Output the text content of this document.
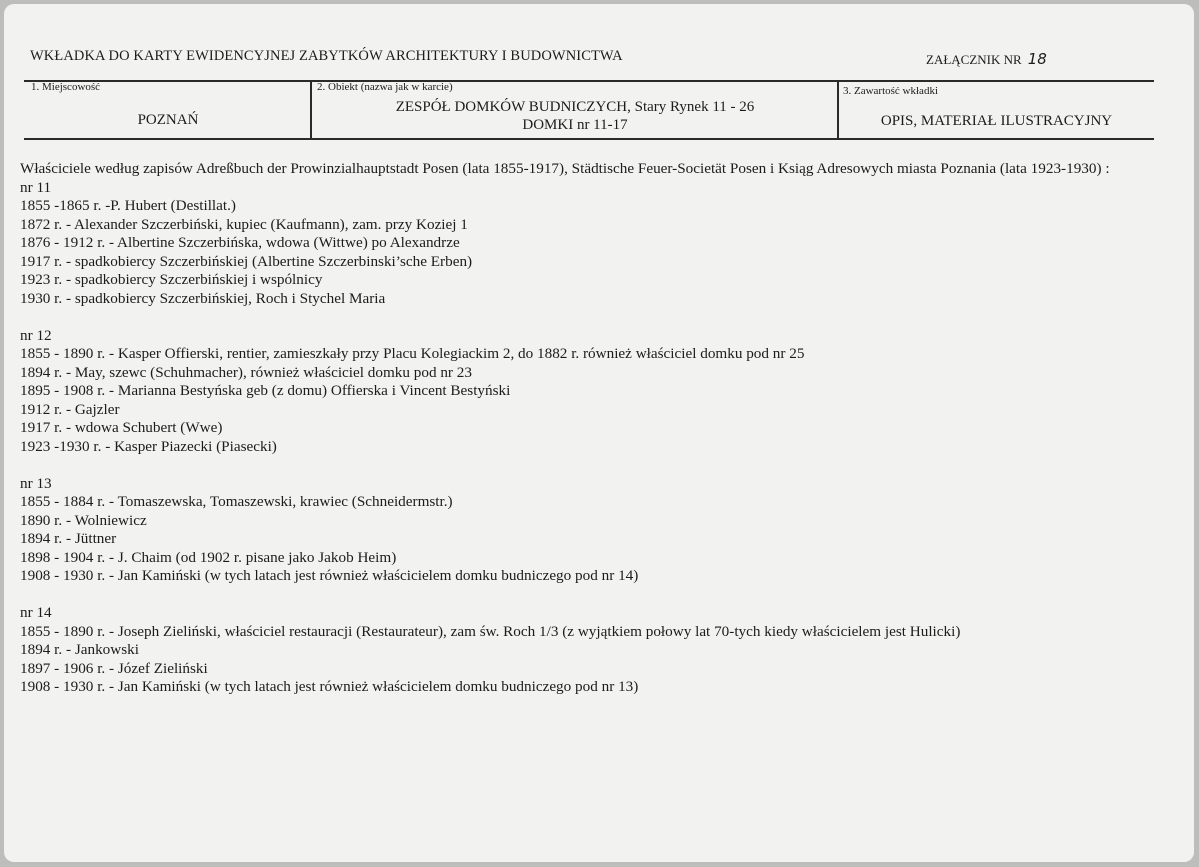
WKŁADKA DO KARTY EWIDENCYJNEJ ZABYTKÓW ARCHITEKTURY I BUDOWNICTWA	ZAŁĄCZNIK NR 18
1. Miejscowość
POZNAŃ
2. Obiekt (nazwa jak w karcie)
ZESPÓŁ DOMKÓW BUDNICZYCH, Stary Rynek 11 - 26
DOMKI nr 11-17
3. Zawartość wkładki
OPIS, MATERIAŁ ILUSTRACYJNY
Właściciele według zapisów Adreßbuch der Prowinzialhauptstadt Posen (lata 1855-1917), Städtische Feuer-Societät Posen i Ksiąg Adresowych miasta Poznania (lata 1923-1930) :
nr 11
1855 -1865 r. -P. Hubert (Destillat.)
1872 r. - Alexander Szczerbiński, kupiec (Kaufmann), zam. przy Koziej 1
1876 - 1912 r. - Albertine Szczerbińska, wdowa (Wittwe) po Alexandrze
1917 r. - spadkobiercy Szczerbińskiej (Albertine Szczerbinski’sche Erben)
1923 r. - spadkobiercy Szczerbińskiej i wspólnicy
1930 r. - spadkobiercy Szczerbińskiej, Roch i Stychel Maria
nr 12
1855 - 1890 r. - Kasper Offierski, rentier, zamieszkały przy Placu Kolegiackim 2, do 1882 r. również właściciel domku pod nr 25
1894 r. - May, szewc (Schuhmacher), również właściciel domku pod nr 23
1895 - 1908 r. - Marianna Bestyńska geb (z domu) Offierska i Vincent Bestyński
1912 r. - Gajzler
1917 r. - wdowa Schubert (Wwe)
1923 -1930 r. - Kasper Piazecki (Piasecki)
nr 13
1855 - 1884 r. - Tomaszewska, Tomaszewski, krawiec (Schneidermstr.)
1890 r. - Wolniewicz
1894 r. - Jüttner
1898 - 1904 r. - J. Chaim (od 1902 r. pisane jako Jakob Heim)
1908 - 1930 r. - Jan Kamiński (w tych latach jest również właścicielem domku budniczego pod nr 14)
nr 14
1855 - 1890 r. - Joseph Zieliński, właściciel restauracji (Restaurateur), zam św. Roch 1/3 (z wyjątkiem połowy lat 70-tych kiedy właścicielem jest Hulicki)
1894 r. - Jankowski
1897 - 1906 r. - Józef Zieliński
1908 - 1930 r. - Jan Kamiński (w tych latach jest również właścicielem domku budniczego pod nr 13)
